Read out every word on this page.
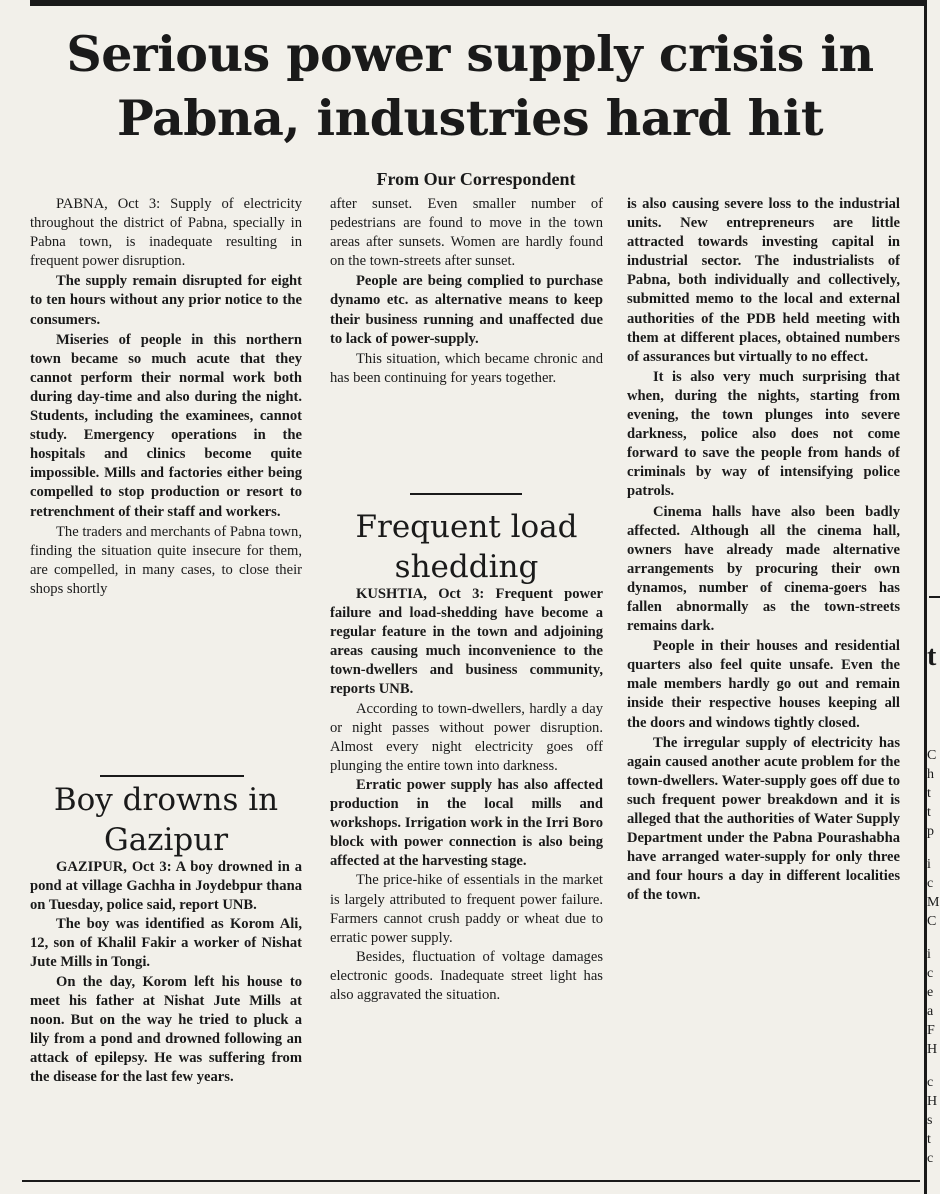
Serious power supply crisis in
Pabna, industries hard hit
From Our Correspondent

PABNA, Oct 3: Supply of electricity throughout the district of Pabna, specially in Pabna town, is inadequate resulting in frequent power disruption.

The supply remain disrupted for eight to ten hours without any prior notice to the consumers.

Miseries of people in this northern town became so much acute that they cannot perform their normal work both during day-time and also during the night. Students, including the examinees, cannot study. Emergency operations in the hospitals and clinics become quite impossible. Mills and factories either being compelled to stop production or resort to retrenchment of their staff and workers.

The traders and merchants of Pabna town, finding the situation quite insecure for them, are compelled, in many cases, to close their shops shortly

Boy drowns in
Gazipur

GAZIPUR, Oct 3: A boy drowned in a pond at village Gachha in Joydebpur thana on Tuesday, police said, report UNB.

The boy was identified as Korom Ali, 12, son of Khalil Fakir a worker of Nishat Jute Mills in Tongi.

On the day, Korom left his house to meet his father at Nishat Jute Mills at noon. But on the way he tried to pluck a lily from a pond and drowned following an attack of epilepsy. He was suffering from the disease for the last few years.

after sunset. Even smaller number of pedestrians are found to move in the town areas after sunsets. Women are hardly found on the town-streets after sunset.

People are being complied to purchase dynamo etc. as alternative means to keep their business running and unaffected due to lack of power-supply.

This situation, which became chronic and has been continuing for years together.

Frequent load
shedding

KUSHTIA, Oct 3: Frequent power failure and load-shedding have become a regular feature in the town and adjoining areas causing much inconvenience to the town-dwellers and business community, reports UNB.

According to town-dwellers, hardly a day or night passes without power disruption. Almost every night electricity goes off plunging the entire town into darkness.

Erratic power supply has also affected production in the local mills and workshops. Irrigation work in the Irri Boro block with power connection is also being affected at the harvesting stage.

The price-hike of essentials in the market is largely attributed to frequent power failure. Farmers cannot crush paddy or wheat due to erratic power supply.

Besides, fluctuation of voltage damages electronic goods. Inadequate street light has also aggravated the situation.

is also causing severe loss to the industrial units. New entrepreneurs are little attracted towards investing capital in industrial sector. The industrialists of Pabna, both individually and collectively, submitted memo to the local and external authorities of the PDB held meeting with them at different places, obtained numbers of assurances but virtually to no effect.

It is also very much surprising that when, during the nights, starting from evening, the town plunges into severe darkness, police also does not come forward to save the people from hands of criminals by way of intensifying police patrols.

Cinema halls have also been badly affected. Although all the cinema hall, owners have already made alternative arrangements by procuring their own dynamos, number of cinema-goers has fallen abnormally as the town-streets remains dark.

People in their houses and residential quarters also feel quite unsafe. Even the male members hardly go out and remain inside their respective houses keeping all the doors and windows tightly closed.

The irregular supply of electricity has again caused another acute problem for the town-dwellers. Water-supply goes off due to such frequent power breakdown and it is alleged that the authorities of Water Supply Department under the Pabna Pourashabha have arranged water-supply for only three and four hours a day in different localities of the town.

t
C
h
t
t
p
i
c
M
C
i
c
e
a
F
H
c
H
s
t
c
